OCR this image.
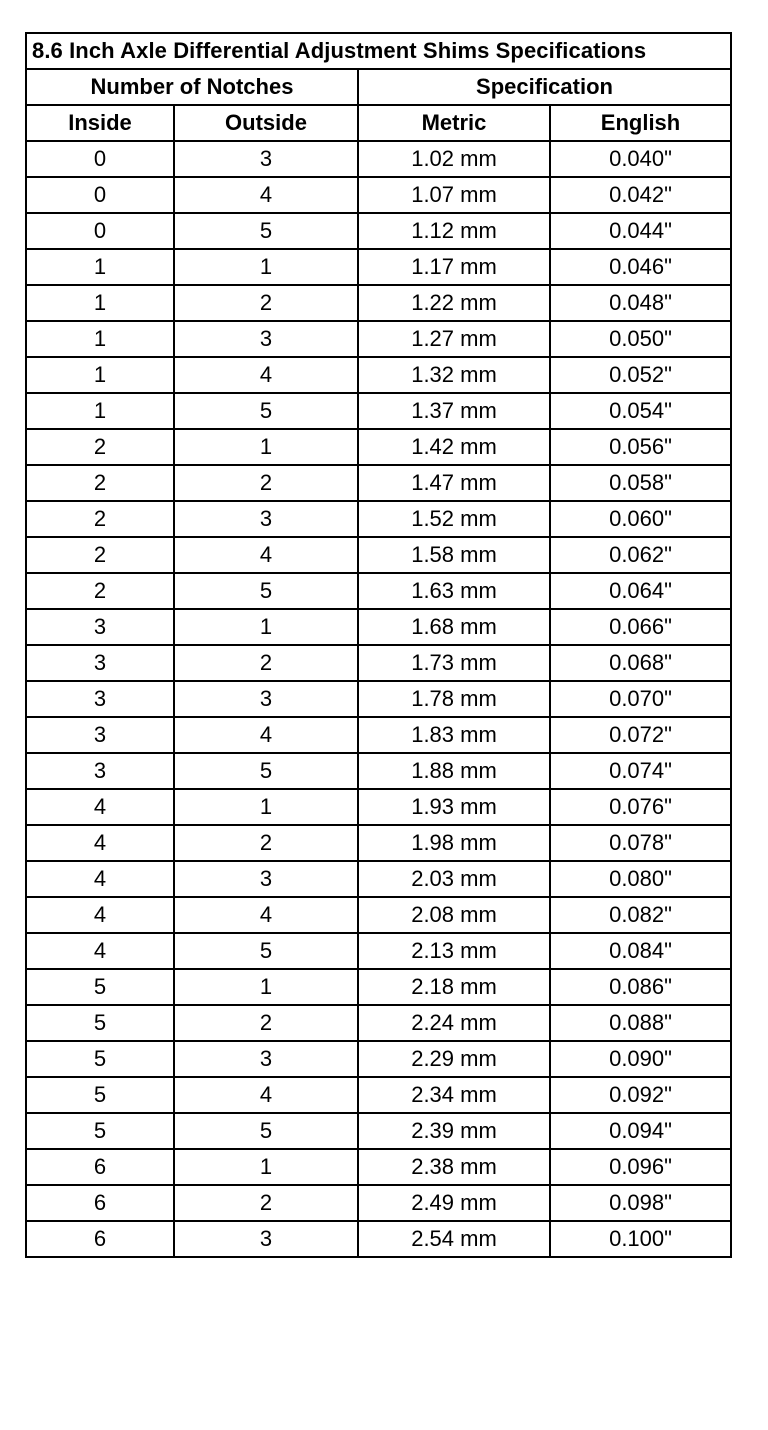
8.6 Inch Axle Differential Adjustment Shims Specifications			
Number of Notches		Specification	
Inside	Outside	Metric	English
0	3	1.02 mm	0.040"
0	4	1.07 mm	0.042"
0	5	1.12 mm	0.044"
1	1	1.17 mm	0.046"
1	2	1.22 mm	0.048"
1	3	1.27 mm	0.050"
1	4	1.32 mm	0.052"
1	5	1.37 mm	0.054"
2	1	1.42 mm	0.056"
2	2	1.47 mm	0.058"
2	3	1.52 mm	0.060"
2	4	1.58 mm	0.062"
2	5	1.63 mm	0.064"
3	1	1.68 mm	0.066"
3	2	1.73 mm	0.068"
3	3	1.78 mm	0.070"
3	4	1.83 mm	0.072"
3	5	1.88 mm	0.074"
4	1	1.93 mm	0.076"
4	2	1.98 mm	0.078"
4	3	2.03 mm	0.080"
4	4	2.08 mm	0.082"
4	5	2.13 mm	0.084"
5	1	2.18 mm	0.086"
5	2	2.24 mm	0.088"
5	3	2.29 mm	0.090"
5	4	2.34 mm	0.092"
5	5	2.39 mm	0.094"
6	1	2.38 mm	0.096"
6	2	2.49 mm	0.098"
6	3	2.54 mm	0.100"
